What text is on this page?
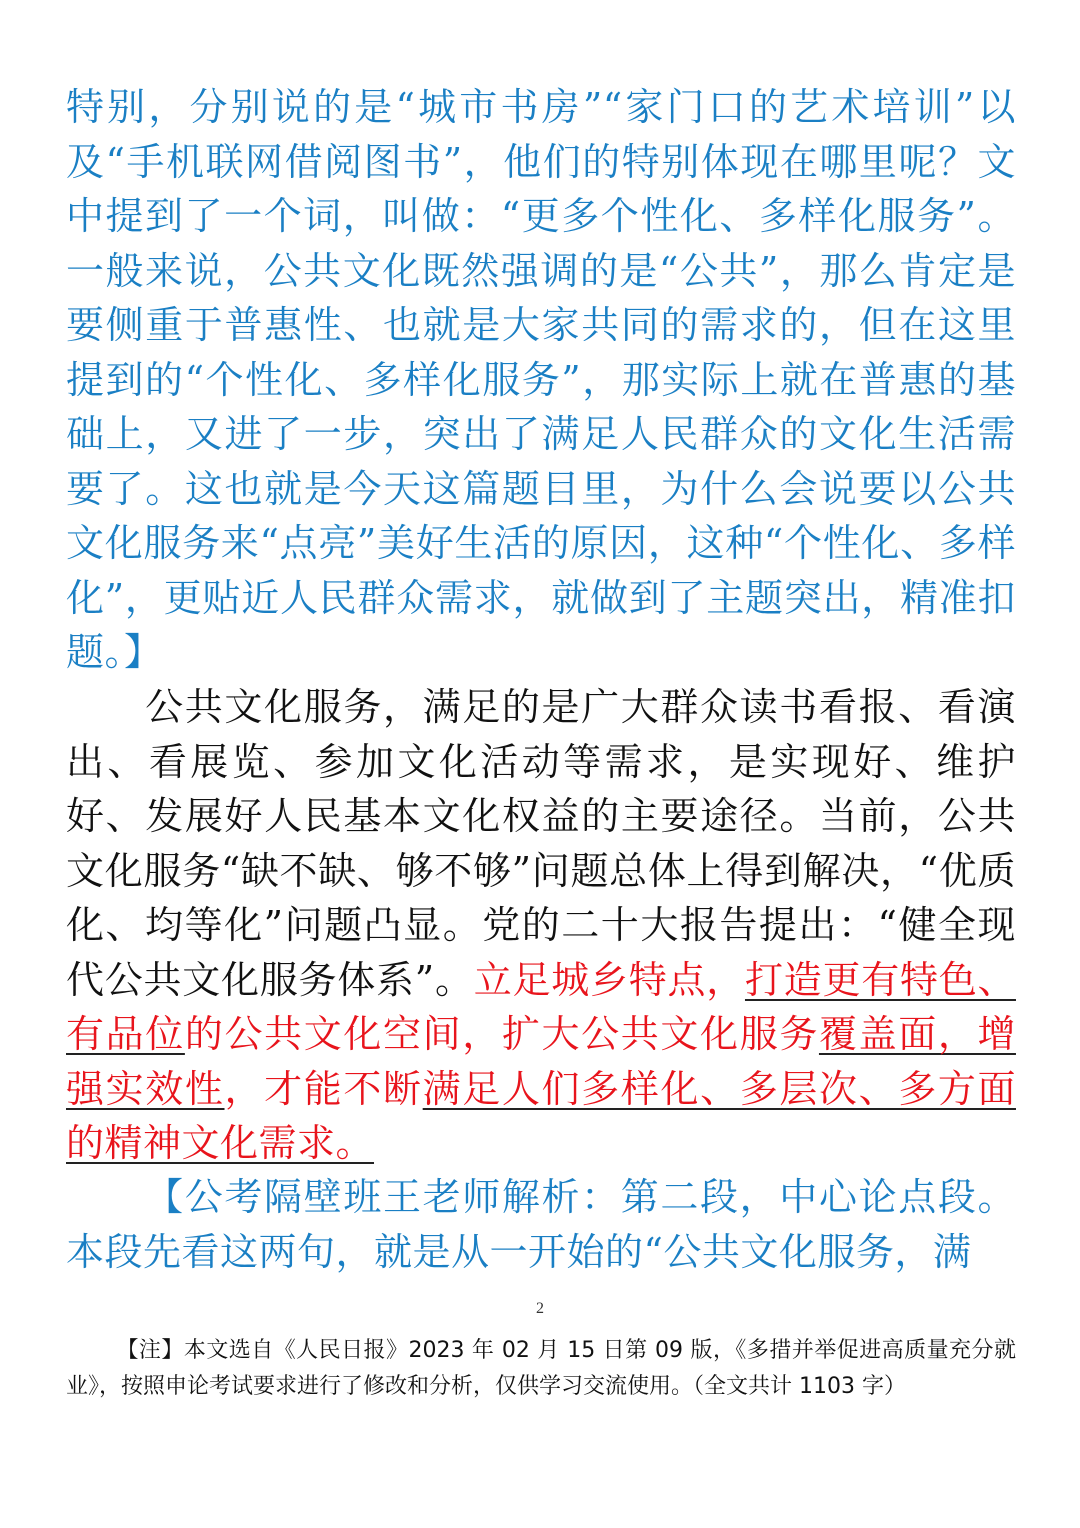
特别，分别说的是“城市书房”“家门口的艺术培训”以及“手机联网借阅图书”，他们的特别体现在哪里呢？文中提到了一个词，叫做：“更多个性化、多样化服务”。一般来说，公共文化既然强调的是“公共”，那么肯定是要侧重于普惠性、也就是大家共同的需求的，但在这里提到的“个性化、多样化服务”，那实际上就在普惠的基础上，又进了一步，突出了满足人民群众的文化生活需要了。这也就是今天这篇题目里，为什么会说要以公共文化服务来“点亮”美好生活的原因，这种“个性化、多样化”，更贴近人民群众需求，就做到了主题突出，精准扣题。】
公共文化服务，满足的是广大群众读书看报、看演出、看展览、参加文化活动等需求，是实现好、维护好、发展好人民基本文化权益的主要途径。当前，公共文化服务“缺不缺、够不够”问题总体上得到解决，“优质化、均等化”问题凸显。党的二十大报告提出：“健全现代公共文化服务体系”。立足城乡特点，打造更有特色、有品位的公共文化空间，扩大公共文化服务覆盖面，增强实效性，才能不断满足人们多样化、多层次、多方面的精神文化需求。
【公考隔壁班王老师解析：第二段，中心论点段。本段先看这两句，就是从一开始的“公共文化服务，满
2
【注】本文选自《人民日报》2023 年 02 月 15 日第 09 版，《多措并举促进高质量充分就业》，按照申论考试要求进行了修改和分析，仅供学习交流使用。（全文共计 1103 字）
